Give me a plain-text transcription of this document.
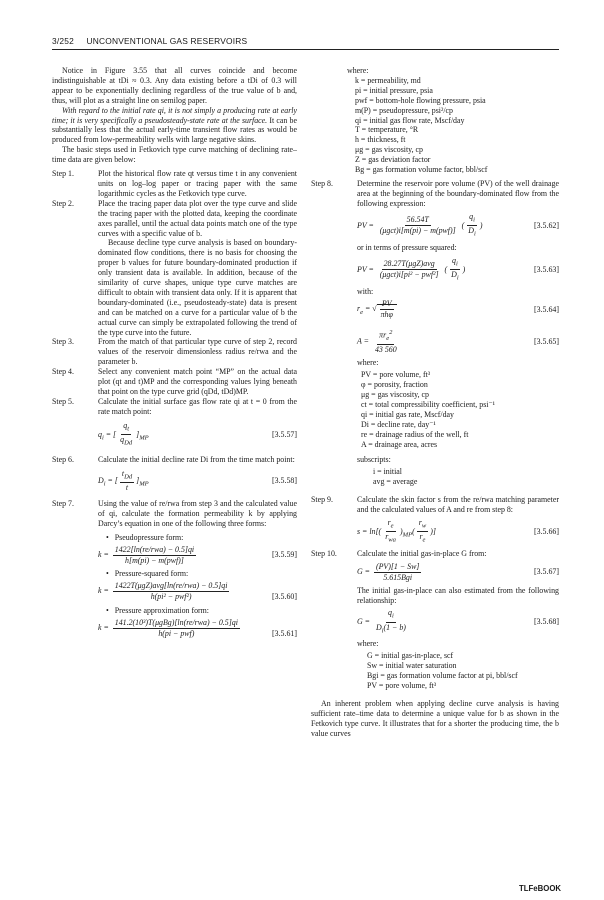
3/252 UNCONVENTIONAL GAS RESERVOIRS

Notice in Figure 3.55 that all curves coincide and become indistinguishable at tDi ≈ 0.3. Any data existing before a tDi of 0.3 will appear to be exponentially declining regardless of the true value of b and, thus, will plot as a straight line on semilog paper.

With regard to the initial rate qi, it is not simply a producing rate at early time; it is very specifically a pseudosteady-state rate at the surface. It can be substantially less that the actual early-time transient flow rates as would be produced from low-permeability wells with large negative skins.

The basic steps used in Fetkovich type curve matching of declining rate–time data are given below:

Step 1.	Plot the historical flow rate qt versus time t in any convenient units on log–log paper or tracing paper with the same logarithmic cycles as the Fetkovich type curve.
Step 2.	Place the tracing paper data plot over the type curve and slide the tracing paper with the plotted data, keeping the coordinate axes parallel, until the actual data points match one of the type curves with a specific value of b.

Because decline type curve analysis is based on boundary-dominated flow conditions, there is no basis for choosing the proper b values for future boundary-dominated production if only transient data is available. In addition, because of the similarity of curve shapes, unique type curve matches are difficult to obtain with transient data only. If it is apparent that boundary-dominated (i.e., pseudosteady-state) data is present and can be matched on a curve for a particular value of b the actual curve can simply be extrapolated following the trend of the type curve into the future.

Step 3.	From the match of that particular type curve of step 2, record values of the reservoir dimensionless radius re/rwa and the parameter b.
Step 4.	Select any convenient match point “MP” on the actual data plot (qt and t)MP and the corresponding values lying beneath that point on the type curve grid (qDd, tDd)MP.
Step 5.	Calculate the initial surface gas flow rate qi at t = 0 from the rate match point:
$q_i$ = [ $\frac{q_t}{q_{Dd}} ]_{MP}$	[3.5.57]
Step 6.	Calculate the initial decline rate Di from the time match point:
$D_i$ = [ $\frac{t_{Dd}}{t} ]_{MP}$	[3.5.58]
Step 7.	Using the value of re/rwa from step 3 and the calculated value of qi, calculate the formation permeability k by applying Darcy’s equation in one of the following three forms:
• Pseudopressure form:
$k = \frac{\text{1422[ln(re/rwa) − 0.5]qi}}{\text{h[m(pi) − m(pwf)]}}$	[3.5.59]
• Pressure-squared form:
$k = \frac{\text{1422T(μgZ)avg[ln(re/rwa) − 0.5]qi}}{\text{h(pi² − pwf²)}}$	[3.5.60]
• Pressure approximation form:
$k = \frac{\text{141.2(10³)T(μgBg)[ln(re/rwa) − 0.5]qi}}{\text{h(pi − pwf)}}$	[3.5.61]
where:
k = permeability, md
pi = initial pressure, psia
pwf = bottom-hole flowing pressure, psia
m(P) = pseudopressure, psi²/cp
qi = initial gas flow rate, Mscf/day
T = temperature, °R
h = thickness, ft
μg = gas viscosity, cp
Z = gas deviation factor
Bg = gas formation volume factor, bbl/scf
Step 8.	Determine the reservoir pore volume (PV) of the well drainage area at the beginning of the boundary-dominated flow from the following expression:
PV = $\frac{56.54T}{\text{(μgct)i[m(pi) − m(pwf)]}}$ ( $\frac{q_i}{D_i}$ )	[3.5.62]
or in terms of pressure squared:
PV = $\frac{\text{28.27T(μgZ)avg}}{\text{(μgct)i[pi² − pwf²]}}$ ( $\frac{q_i}{D_i}$ )	[3.5.63]
with:
$r_e$ = √ $\frac{PV}{\text{πhφ}}$	[3.5.64]
$A = \frac{\pi r_e^2}{43 560}$	[3.5.65]
where:
PV = pore volume, ft³
φ = porosity, fraction
μg = gas viscosity, cp
ct = total compressibility coefficient, psi⁻¹
qi = initial gas rate, Mscf/day
Di = decline rate, day⁻¹
re = drainage radius of the well, ft
A = drainage area, acres
subscripts:
i = initial
avg = average
Step 9.	Calculate the skin factor s from the re/rwa matching parameter and the calculated values of A and re from step 8:
$s = \ln[( \frac{r_e}{r_{wa}} )_{MP}( \frac{r_w}{r_e}$ )]	[3.5.66]
Step 10.	Calculate the initial gas-in-place G from:
$G = \frac{(PV)[1 - Sw]}{\text{5.615Bgi}}$	[3.5.67]
The initial gas-in-place can also estimated from the following relationship:
$G = \frac{q_i}{D_i(1 - b)}$	[3.5.68]
where:
G = initial gas-in-place, scf
Sw = initial water saturation
Bgi = gas formation volume factor at pi, bbl/scf
PV = pore volume, ft³

An inherent problem when applying decline curve analysis is having sufficient rate–time data to determine a unique value for b as shown in the Fetkovich type curve. It illustrates that for a shorter the producing time, the b value curves

TLFeBOOK
